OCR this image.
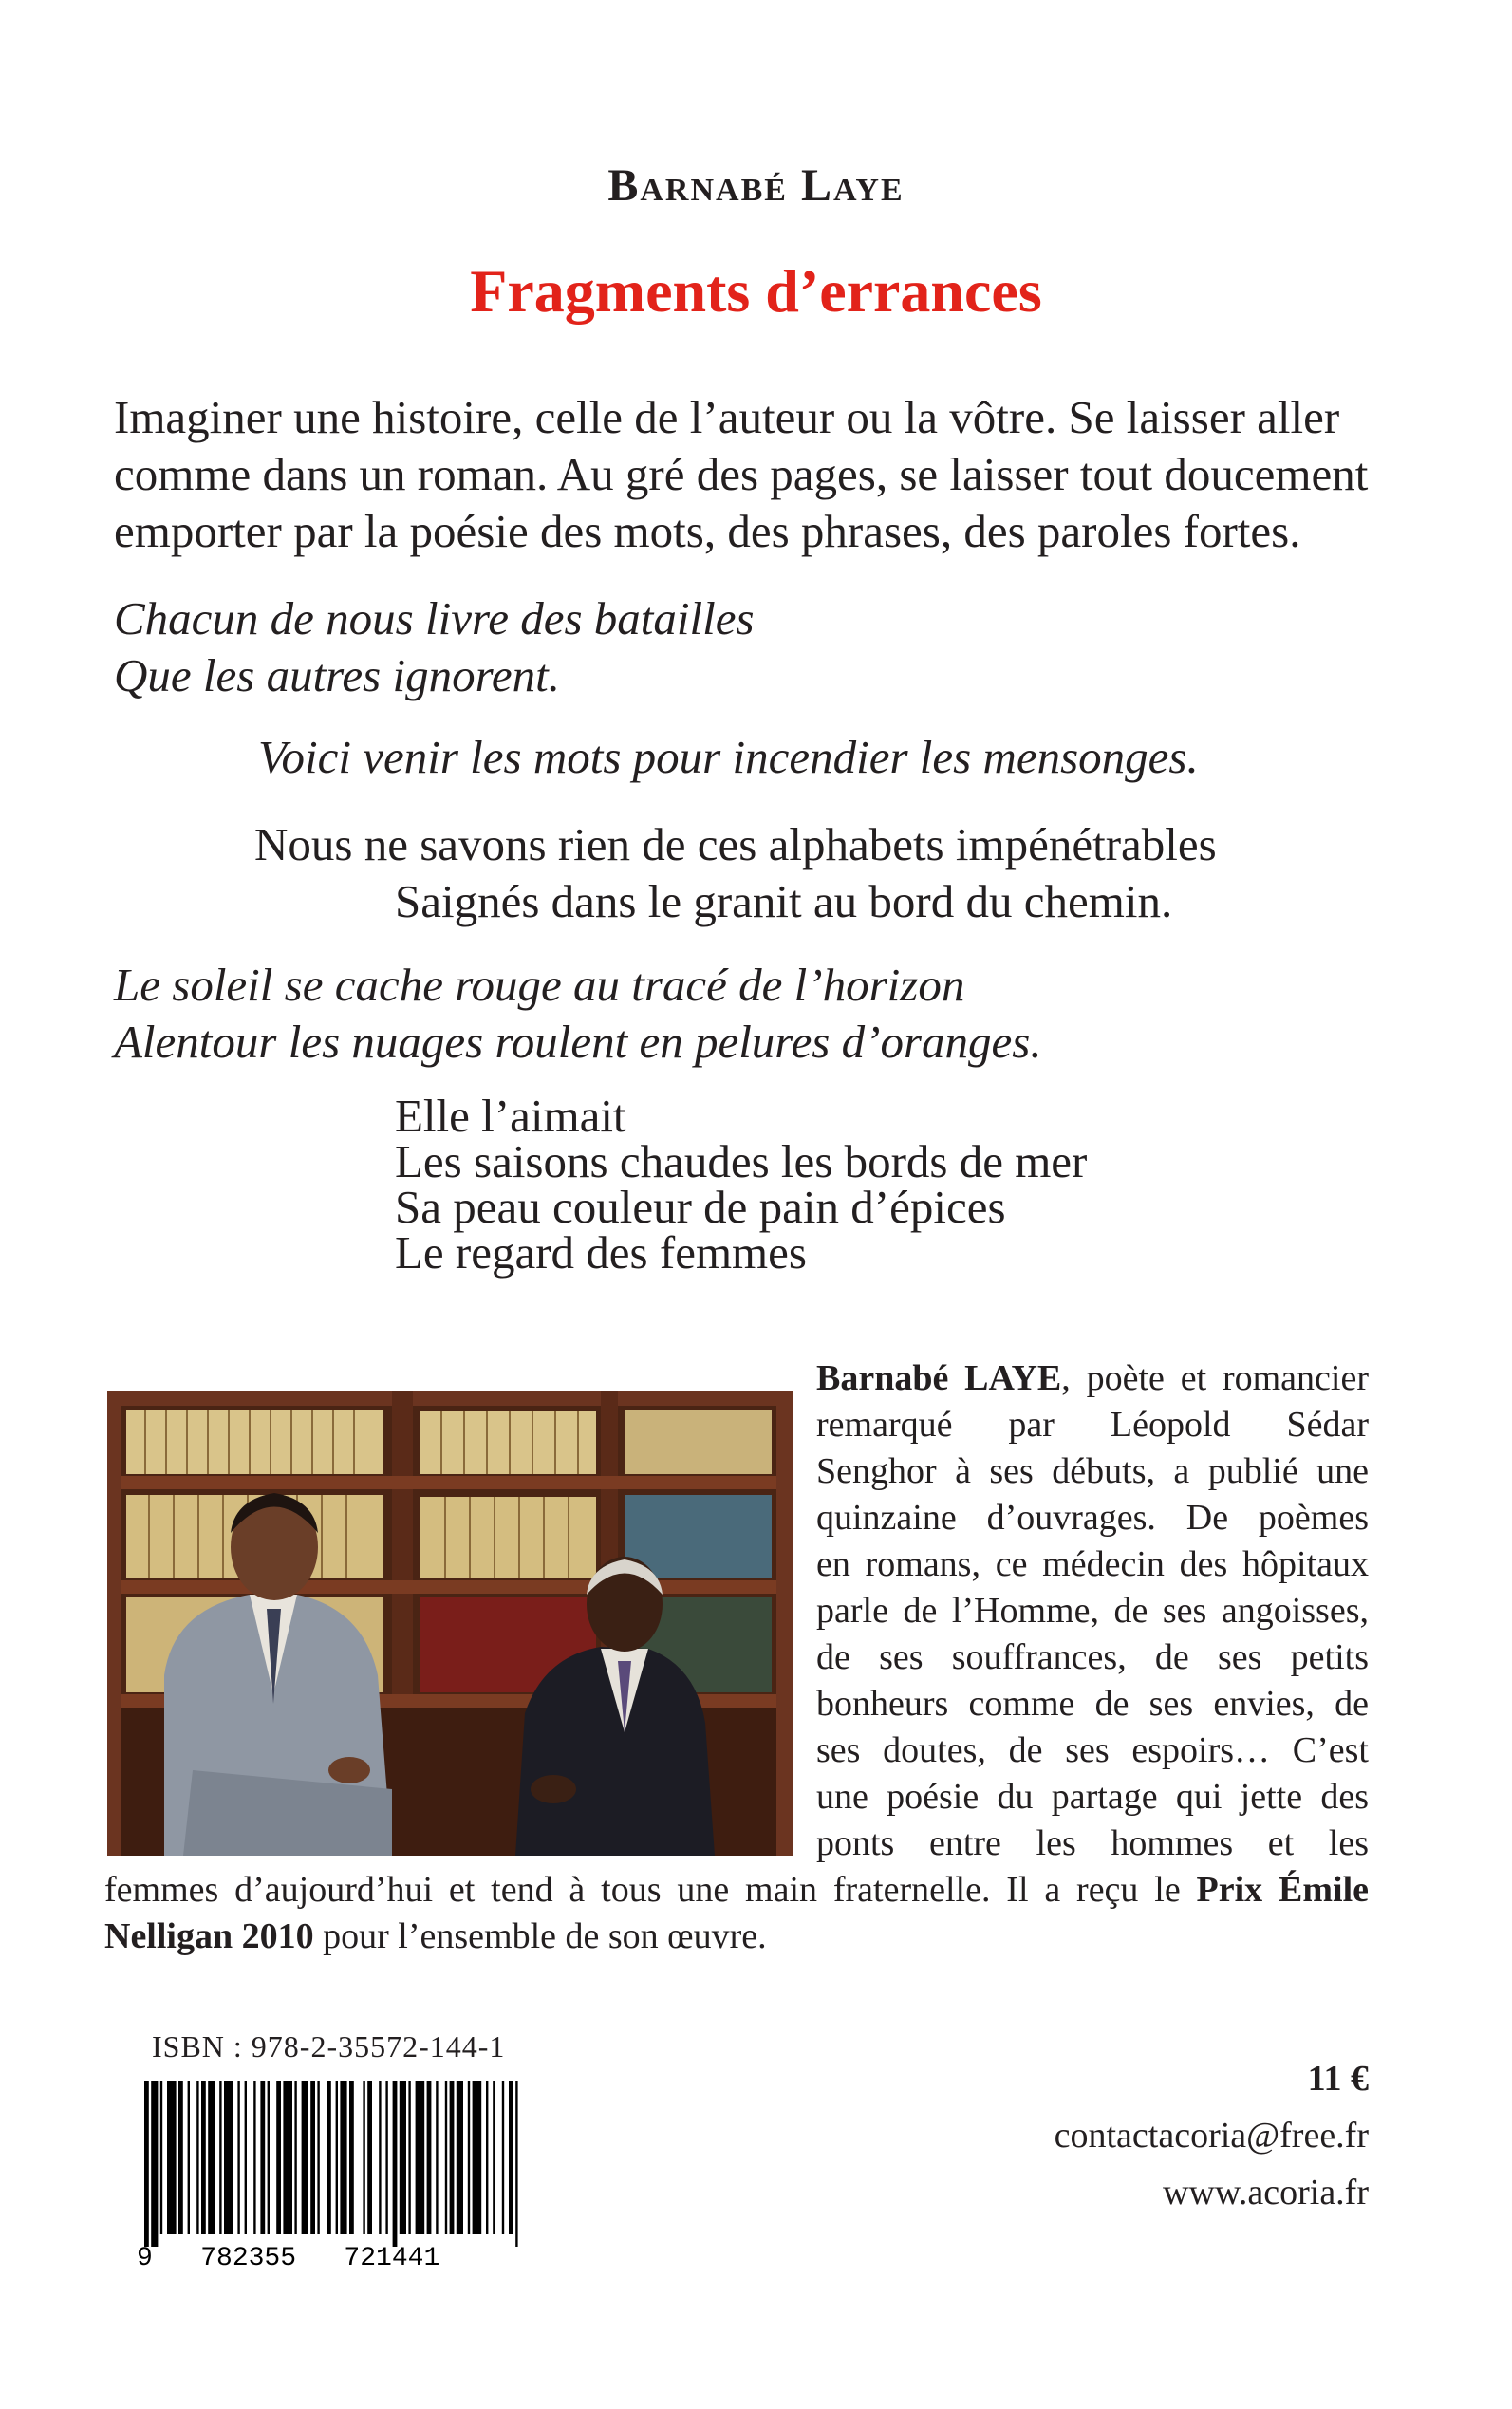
Barnabé Laye
Fragments d’errances

Imaginer une histoire, celle de l’auteur ou la vôtre. Se laisser aller

comme dans un roman. Au gré des pages, se laisser tout doucement

emporter par la poésie des mots, des phrases, des paroles fortes.

Chacun de nous livre des batailles

Que les autres ignorent.

Voici venir les mots pour incendier les mensonges.

Nous ne savons rien de ces alphabets impénétrables

Saignés dans le granit au bord du chemin.

Le soleil se cache rouge au tracé de l’horizon

Alentour les nuages roulent en pelures d’oranges.

Elle l’aimait

Les saisons chaudes les bords de mer

Sa peau couleur de pain d’épices

Le regard des femmes

Barnabé LAYE, poète et romancier
remarqué par Léopold Sédar
Senghor à ses débuts, a publié une
quinzaine d’ouvrages. De poèmes
en romans, ce médecin des hôpitaux
parle de l’Homme, de ses angoisses,
de ses souffrances, de ses petits
bonheurs comme de ses envies, de
ses doutes, de ses espoirs… C’est
une poésie du partage qui jette des
ponts entre les hommes et les
femmes d’aujourd’hui et tend à tous une main fraternelle. Il a reçu le Prix Émile
Nelligan 2010 pour l’ensemble de son œuvre.
ISBN : 978-2-35572-144-1
9   782355   721441
11 €
contactacoria@free.fr
www.acoria.fr
